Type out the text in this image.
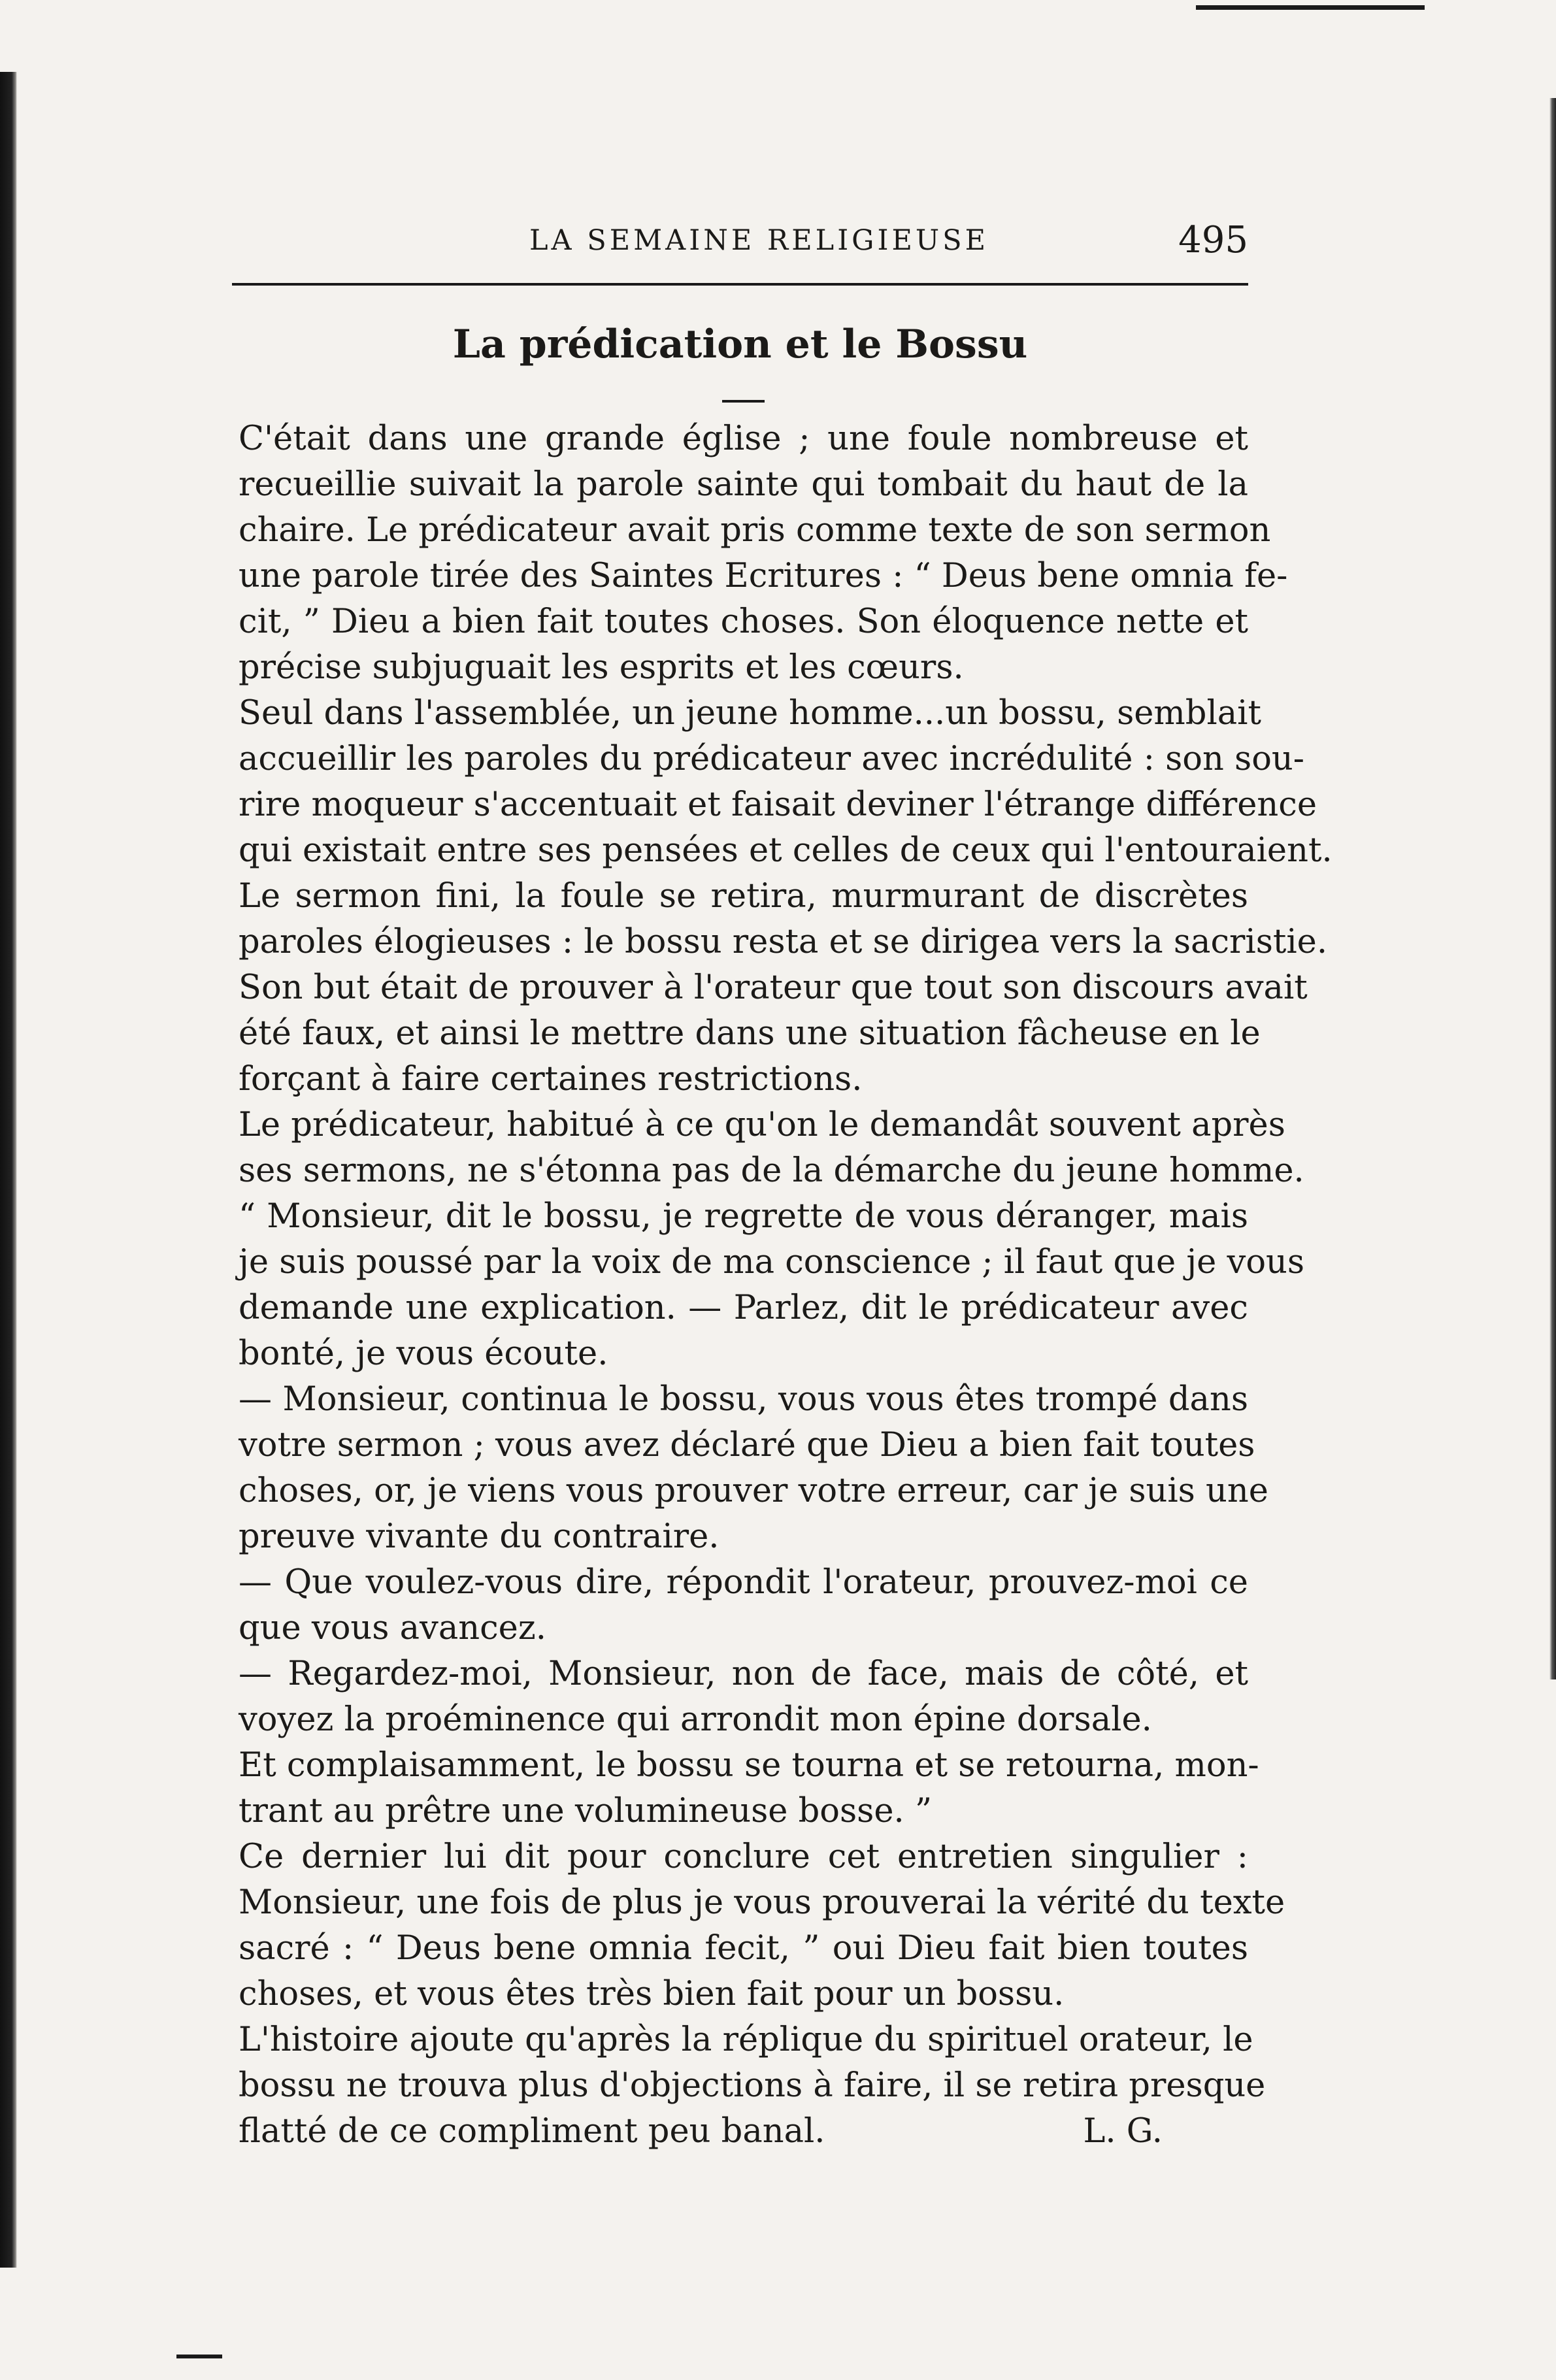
LA SEMAINE RELIGIEUSE	495
La prédication et le Bossu
C'était dans une grande église ; une foule nombreuse et
recueillie suivait la parole sainte qui tombait du haut de la
chaire. Le prédicateur avait pris comme texte de son sermon
une parole tirée des Saintes Ecritures : “ Deus bene omnia fe-
cit, ” Dieu a bien fait toutes choses. Son éloquence nette et
précise subjuguait les esprits et les cœurs.
Seul dans l'assemblée, un jeune homme...un bossu, semblait
accueillir les paroles du prédicateur avec incrédulité : son sou-
rire moqueur s'accentuait et faisait deviner l'étrange différence
qui existait entre ses pensées et celles de ceux qui l'entouraient.
Le sermon fini, la foule se retira, murmurant de discrètes
paroles élogieuses : le bossu resta et se dirigea vers la sacristie.
Son but était de prouver à l'orateur que tout son discours avait
été faux, et ainsi le mettre dans une situation fâcheuse en le
forçant à faire certaines restrictions.
Le prédicateur, habitué à ce qu'on le demandât souvent après
ses sermons, ne s'étonna pas de la démarche du jeune homme.
“ Monsieur, dit le bossu, je regrette de vous déranger, mais
je suis poussé par la voix de ma conscience ; il faut que je vous
demande une explication. — Parlez, dit le prédicateur avec
bonté, je vous écoute.
— Monsieur, continua le bossu, vous vous êtes trompé dans
votre sermon ; vous avez déclaré que Dieu a bien fait toutes
choses, or, je viens vous prouver votre erreur, car je suis une
preuve vivante du contraire.
— Que voulez-vous dire, répondit l'orateur, prouvez-moi ce
que vous avancez.
— Regardez-moi, Monsieur, non de face, mais de côté, et
voyez la proéminence qui arrondit mon épine dorsale.
Et complaisamment, le bossu se tourna et se retourna, mon-
trant au prêtre une volumineuse bosse. ”
Ce dernier lui dit pour conclure cet entretien singulier :
Monsieur, une fois de plus je vous prouverai la vérité du texte
sacré : “ Deus bene omnia fecit, ” oui Dieu fait bien toutes
choses, et vous êtes très bien fait pour un bossu.
L'histoire ajoute qu'après la réplique du spirituel orateur, le
bossu ne trouva plus d'objections à faire, il se retira presque
flatté de ce compliment peu banal.	L. G.
